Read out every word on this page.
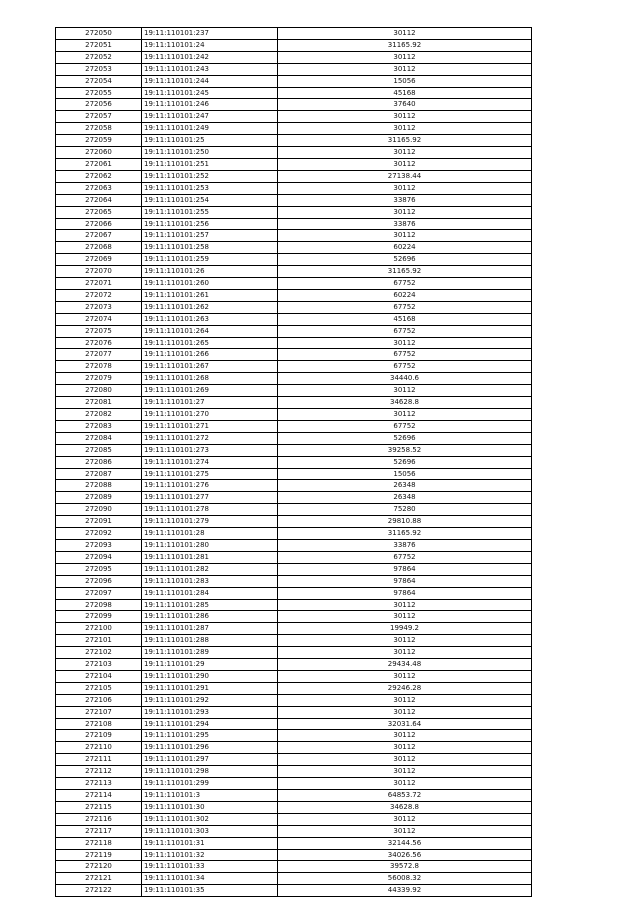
272050	19:11:110101:237	30112
272051	19:11:110101:24	31165.92
272052	19:11:110101:242	30112
272053	19:11:110101:243	30112
272054	19:11:110101:244	15056
272055	19:11:110101:245	45168
272056	19:11:110101:246	37640
272057	19:11:110101:247	30112
272058	19:11:110101:249	30112
272059	19:11:110101:25	31165.92
272060	19:11:110101:250	30112
272061	19:11:110101:251	30112
272062	19:11:110101:252	27138.44
272063	19:11:110101:253	30112
272064	19:11:110101:254	33876
272065	19:11:110101:255	30112
272066	19:11:110101:256	33876
272067	19:11:110101:257	30112
272068	19:11:110101:258	60224
272069	19:11:110101:259	52696
272070	19:11:110101:26	31165.92
272071	19:11:110101:260	67752
272072	19:11:110101:261	60224
272073	19:11:110101:262	67752
272074	19:11:110101:263	45168
272075	19:11:110101:264	67752
272076	19:11:110101:265	30112
272077	19:11:110101:266	67752
272078	19:11:110101:267	67752
272079	19:11:110101:268	34440.6
272080	19:11:110101:269	30112
272081	19:11:110101:27	34628.8
272082	19:11:110101:270	30112
272083	19:11:110101:271	67752
272084	19:11:110101:272	52696
272085	19:11:110101:273	39258.52
272086	19:11:110101:274	52696
272087	19:11:110101:275	15056
272088	19:11:110101:276	26348
272089	19:11:110101:277	26348
272090	19:11:110101:278	75280
272091	19:11:110101:279	29810.88
272092	19:11:110101:28	31165.92
272093	19:11:110101:280	33876
272094	19:11:110101:281	67752
272095	19:11:110101:282	97864
272096	19:11:110101:283	97864
272097	19:11:110101:284	97864
272098	19:11:110101:285	30112
272099	19:11:110101:286	30112
272100	19:11:110101:287	19949.2
272101	19:11:110101:288	30112
272102	19:11:110101:289	30112
272103	19:11:110101:29	29434.48
272104	19:11:110101:290	30112
272105	19:11:110101:291	29246.28
272106	19:11:110101:292	30112
272107	19:11:110101:293	30112
272108	19:11:110101:294	32031.64
272109	19:11:110101:295	30112
272110	19:11:110101:296	30112
272111	19:11:110101:297	30112
272112	19:11:110101:298	30112
272113	19:11:110101:299	30112
272114	19:11:110101:3	64853.72
272115	19:11:110101:30	34628.8
272116	19:11:110101:302	30112
272117	19:11:110101:303	30112
272118	19:11:110101:31	32144.56
272119	19:11:110101:32	34026.56
272120	19:11:110101:33	39572.8
272121	19:11:110101:34	56008.32
272122	19:11:110101:35	44339.92
